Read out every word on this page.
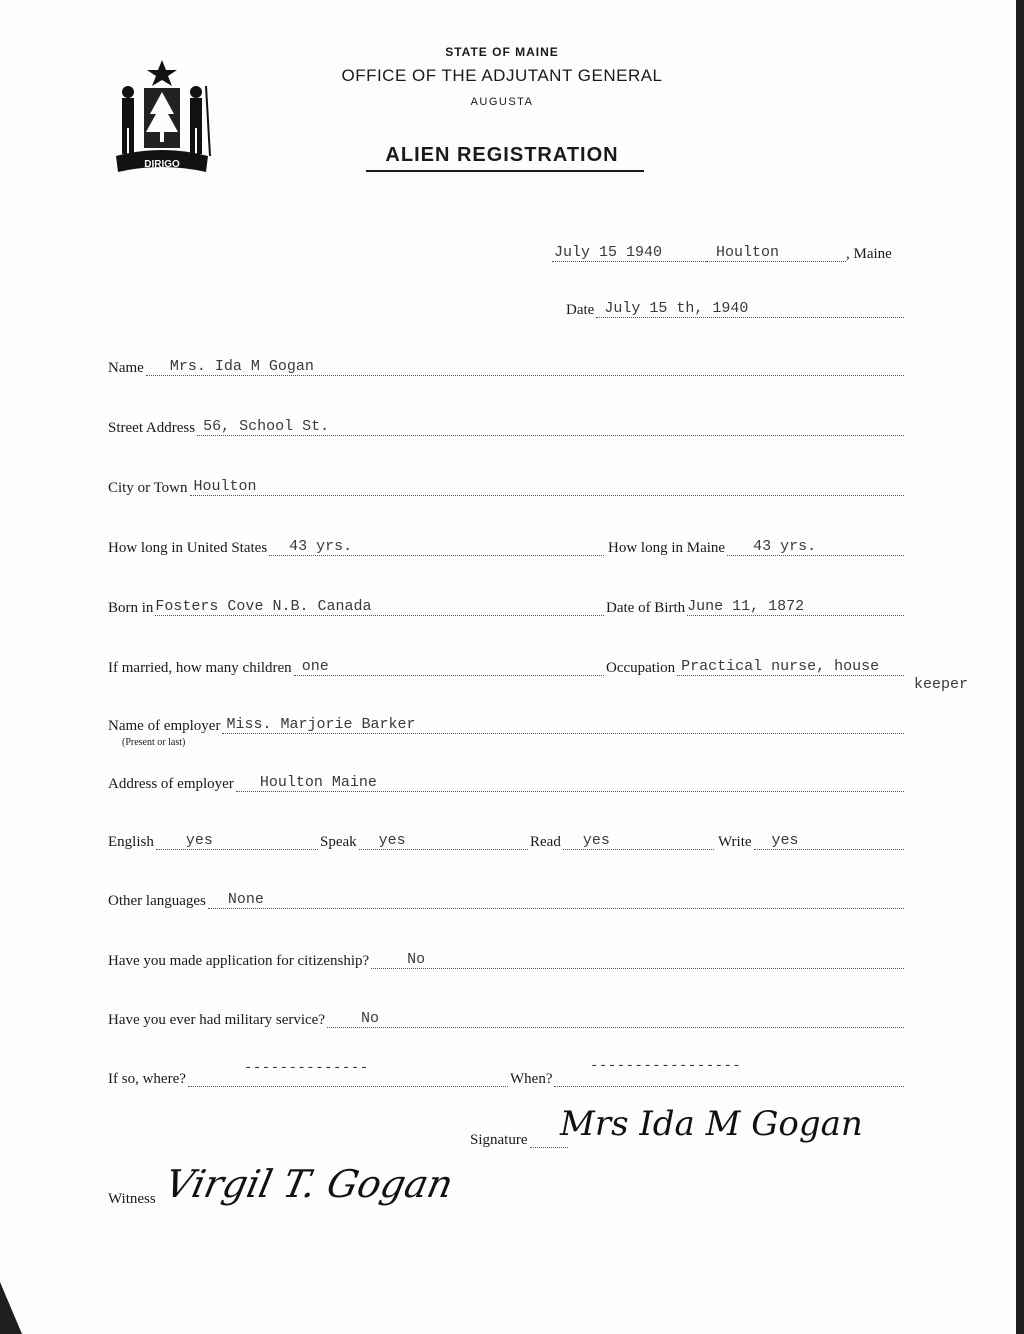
DIRIGO
STATE OF MAINE
OFFICE OF THE ADJUTANT GENERAL
AUGUSTA
ALIEN REGISTRATION
July 15 1940	Houlton	, Maine
Date July 15 th, 1940
Name Mrs. Ida M Gogan
Street Address 56, School St.
City or Town Houlton
How long in United States 43 yrs.	How long in Maine 43 yrs.
Born in Fosters Cove N.B. Canada	Date of Birth June 11, 1872
If married, how many children one	Occupation Practical nurse, house
keeper
Name of employer Miss. Marjorie Barker
(Present or last)
Address of employer Houlton Maine
English yes	Speak yes	Read yes	Write yes
Other languages None
Have you made application for citizenship?	No
Have you ever had military service? No
If so, where?
--------------
When?
-----------------
Signature Mrs Ida M Gogan
Witness Virgil T. Gogan
